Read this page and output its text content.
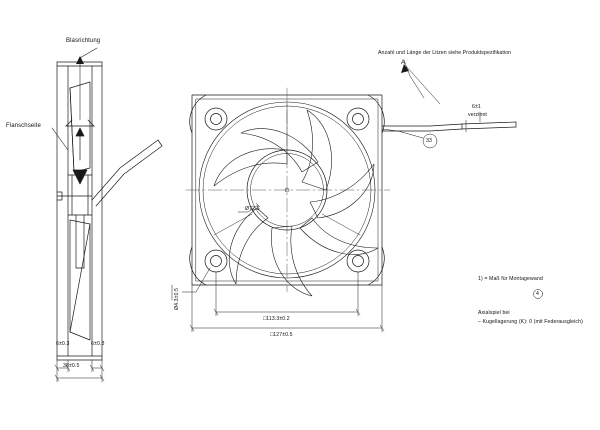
Blasrichtung
Flanschseite
6±0.3	6±0.3
38±0.5
Ø4.3±0.5
Ø72.5
□113.3±0.2
□127±0.5
Anzahl und Länge der Litzen siehe Produktspezifikation
A
6±1
verzinnt
33
1) = Maß für Montagewand
4
Axialspiel bei
– Kugellagerung (K): 0 (mit Federausgleich)
